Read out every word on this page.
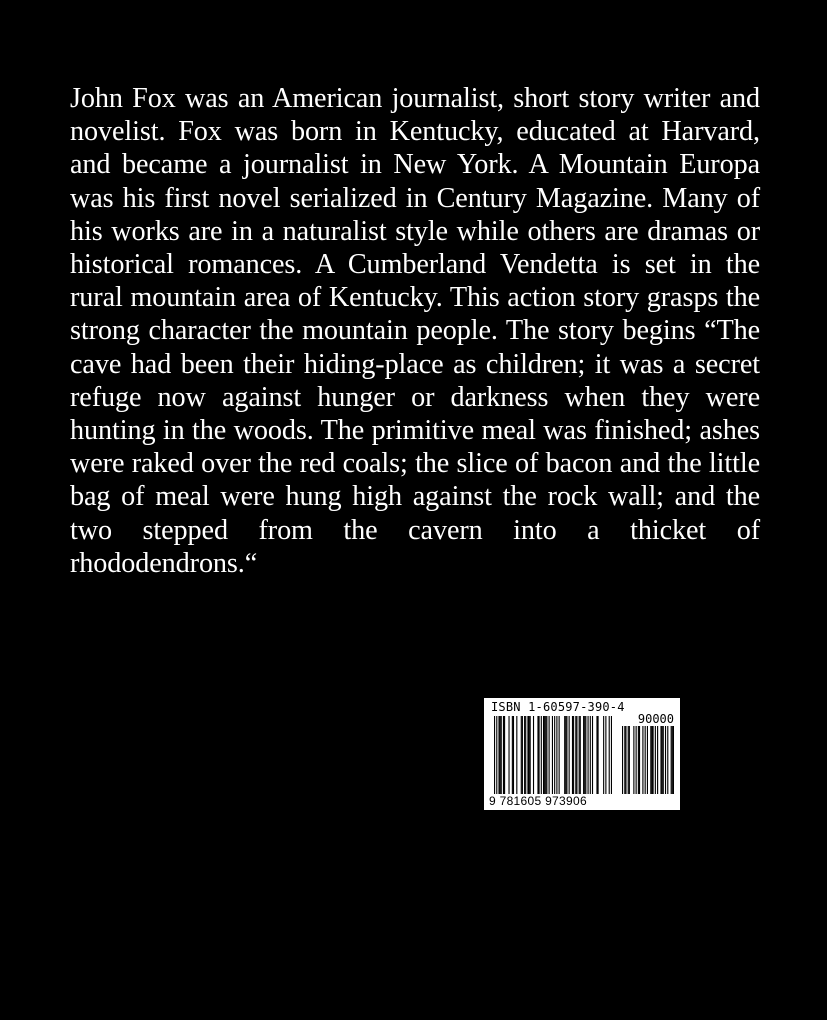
John Fox was an American journalist, short story writer and novelist. Fox was born in Kentucky, educated at Harvard, and became a journalist in New York. A Mountain Europa was his first novel serialized in Century Magazine. Many of his works are in a naturalist style while others are dramas or historical romances. A Cumberland Vendetta is set in the rural mountain area of Kentucky. This action story grasps the strong character the mountain people. The story begins “The cave had been their hiding-place as children; it was a secret refuge now against hunger or darkness when they were hunting in the woods. The primitive meal was finished; ashes were raked over the red coals; the slice of bacon and the little bag of meal were hung high against the rock wall; and the two stepped from the cavern into a thicket of rhododendrons.“

ISBN 1-60597-390-4
90000
9 781605 973906
